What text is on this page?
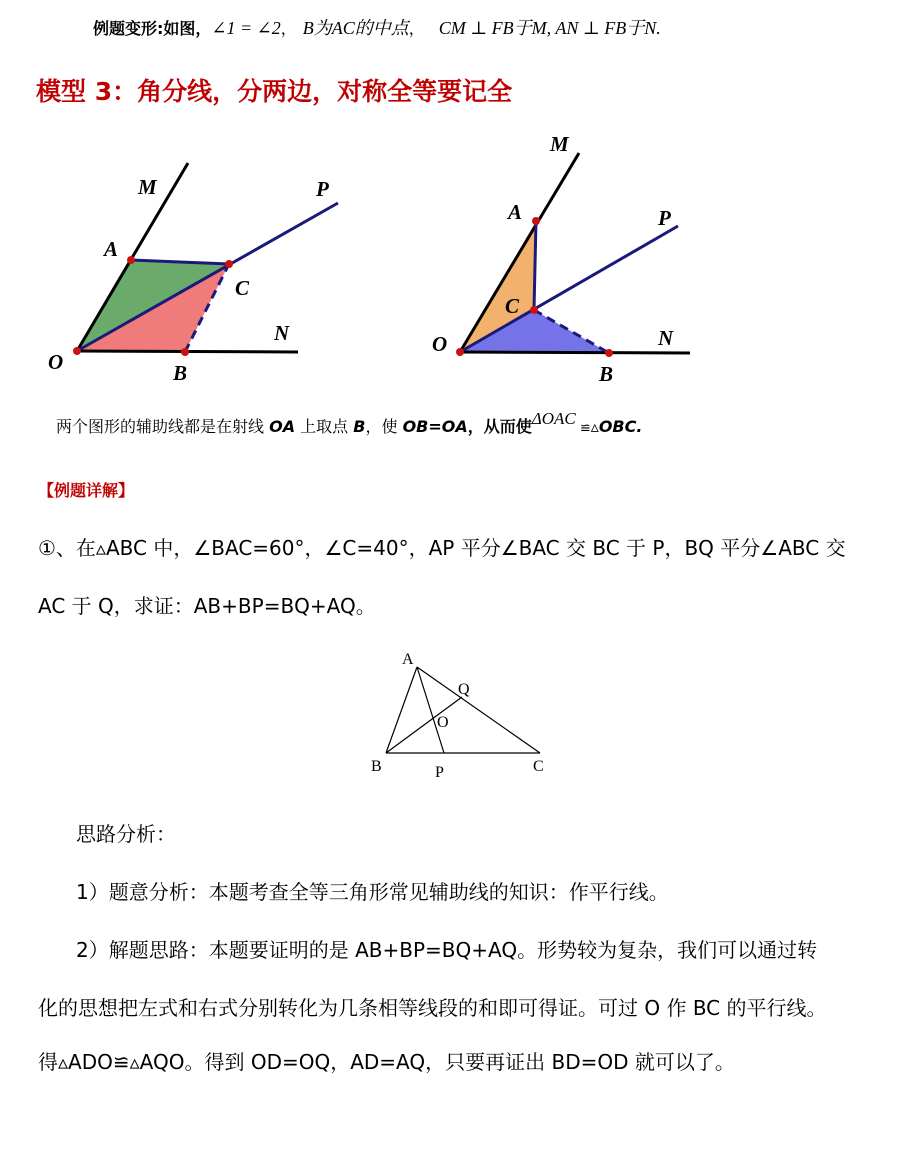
例题变形:如图，∠1 = ∠2， B为AC的中点， CM ⊥ FB于M, AN ⊥ FB于N.
模型 3：角分线，分两边，对称全等要记全
M
A
P
C
N
O	B
M
A	P
C
N
O
B
两个图形的辅助线都是在射线 OA 上取点 B，使 OB=OA，从而使ΔOAC ≌▵OBC.
【例题详解】
①、在▵ABC 中，∠BAC=60°，∠C=40°，AP 平分∠BAC 交 BC 于 P，BQ 平分∠ABC 交
AC 于 Q，求证：AB+BP=BQ+AQ。
A
Q
O
B	P	C
思路分析：
1）题意分析：本题考查全等三角形常见辅助线的知识：作平行线。
2）解题思路：本题要证明的是 AB+BP=BQ+AQ。形势较为复杂，我们可以通过转
化的思想把左式和右式分别转化为几条相等线段的和即可得证。可过 O 作 BC 的平行线。
得▵ADO≌▵AQO。得到 OD=OQ，AD=AQ，只要再证出 BD=OD 就可以了。
